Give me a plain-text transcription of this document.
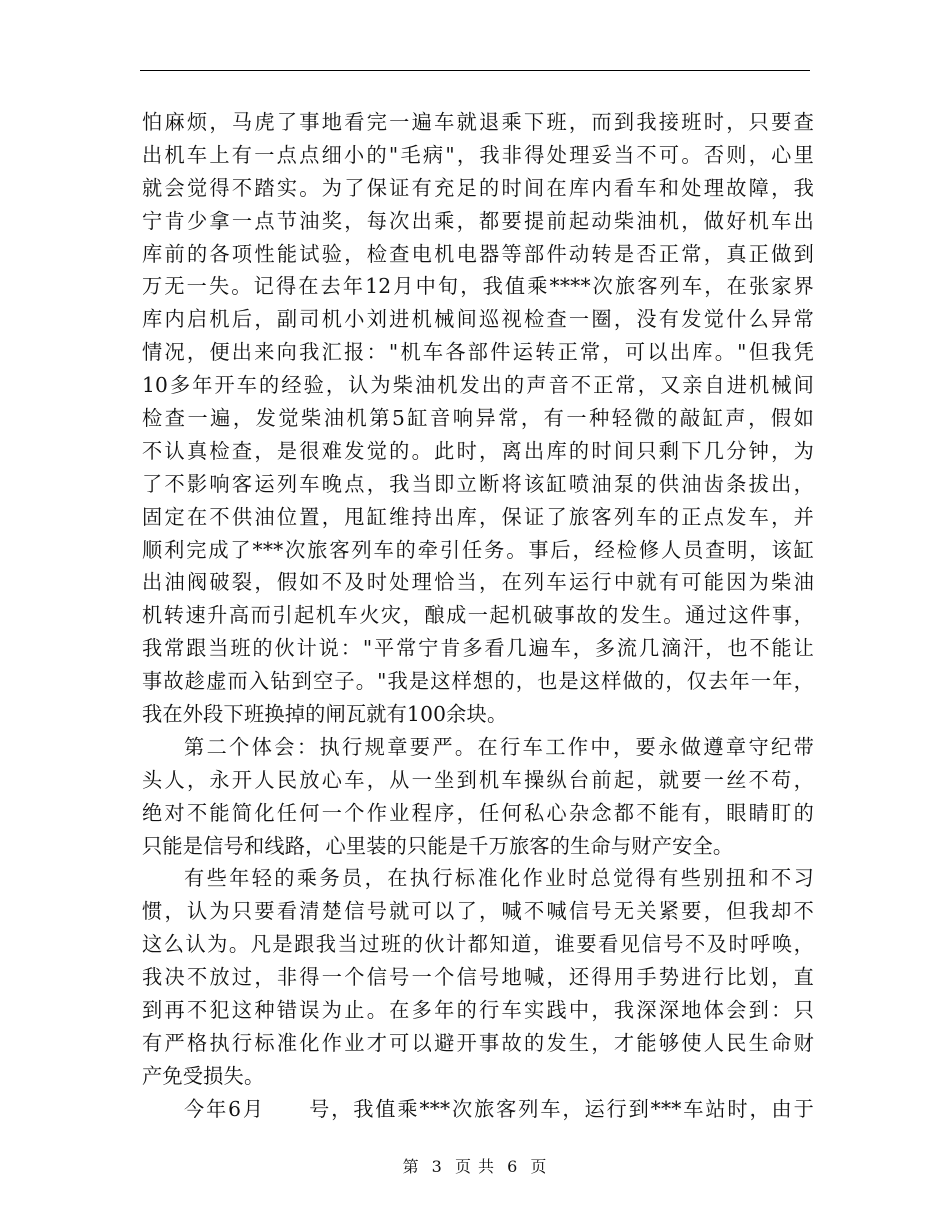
怕麻烦，马虎了事地看完一遍车就退乘下班，而到我接班时，只要查
出机车上有一点点细小的"毛病"，我非得处理妥当不可。否则，心里
就会觉得不踏实。为了保证有充足的时间在库内看车和处理故障，我
宁肯少拿一点节油奖，每次出乘，都要提前起动柴油机，做好机车出
库前的各项性能试验，检查电机电器等部件动转是否正常，真正做到
万无一失。记得在去年12月中旬，我值乘****次旅客列车，在张家界
库内启机后，副司机小刘进机械间巡视检查一圈，没有发觉什么异常
情况，便出来向我汇报："机车各部件运转正常，可以出库。"但我凭
10多年开车的经验，认为柴油机发出的声音不正常，又亲自进机械间
检查一遍，发觉柴油机第5缸音响异常，有一种轻微的敲缸声，假如
不认真检查，是很难发觉的。此时，离出库的时间只剩下几分钟，为
了不影响客运列车晚点，我当即立断将该缸喷油泵的供油齿条拔出，
固定在不供油位置，甩缸维持出库，保证了旅客列车的正点发车，并
顺利完成了***次旅客列车的牵引任务。事后，经检修人员查明，该缸
出油阀破裂，假如不及时处理恰当，在列车运行中就有可能因为柴油
机转速升高而引起机车火灾，酿成一起机破事故的发生。通过这件事，
我常跟当班的伙计说："平常宁肯多看几遍车，多流几滴汗，也不能让
事故趁虚而入钻到空子。"我是这样想的，也是这样做的，仅去年一年，
我在外段下班换掉的闸瓦就有100余块。
第二个体会：执行规章要严。在行车工作中，要永做遵章守纪带
头人，永开人民放心车，从一坐到机车操纵台前起，就要一丝不苟，
绝对不能简化任何一个作业程序，任何私心杂念都不能有，眼睛盯的
只能是信号和线路，心里装的只能是千万旅客的生命与财产安全。
有些年轻的乘务员，在执行标准化作业时总觉得有些别扭和不习
惯，认为只要看清楚信号就可以了，喊不喊信号无关紧要，但我却不
这么认为。凡是跟我当过班的伙计都知道，谁要看见信号不及时呼唤，
我决不放过，非得一个信号一个信号地喊，还得用手势进行比划，直
到再不犯这种错误为止。在多年的行车实践中，我深深地体会到：只
有严格执行标准化作业才可以避开事故的发生，才能够使人民生命财
产免受损失。
今年6月　　号，我值乘***次旅客列车，运行到***车站时，由于
第 3 页 共 6 页
